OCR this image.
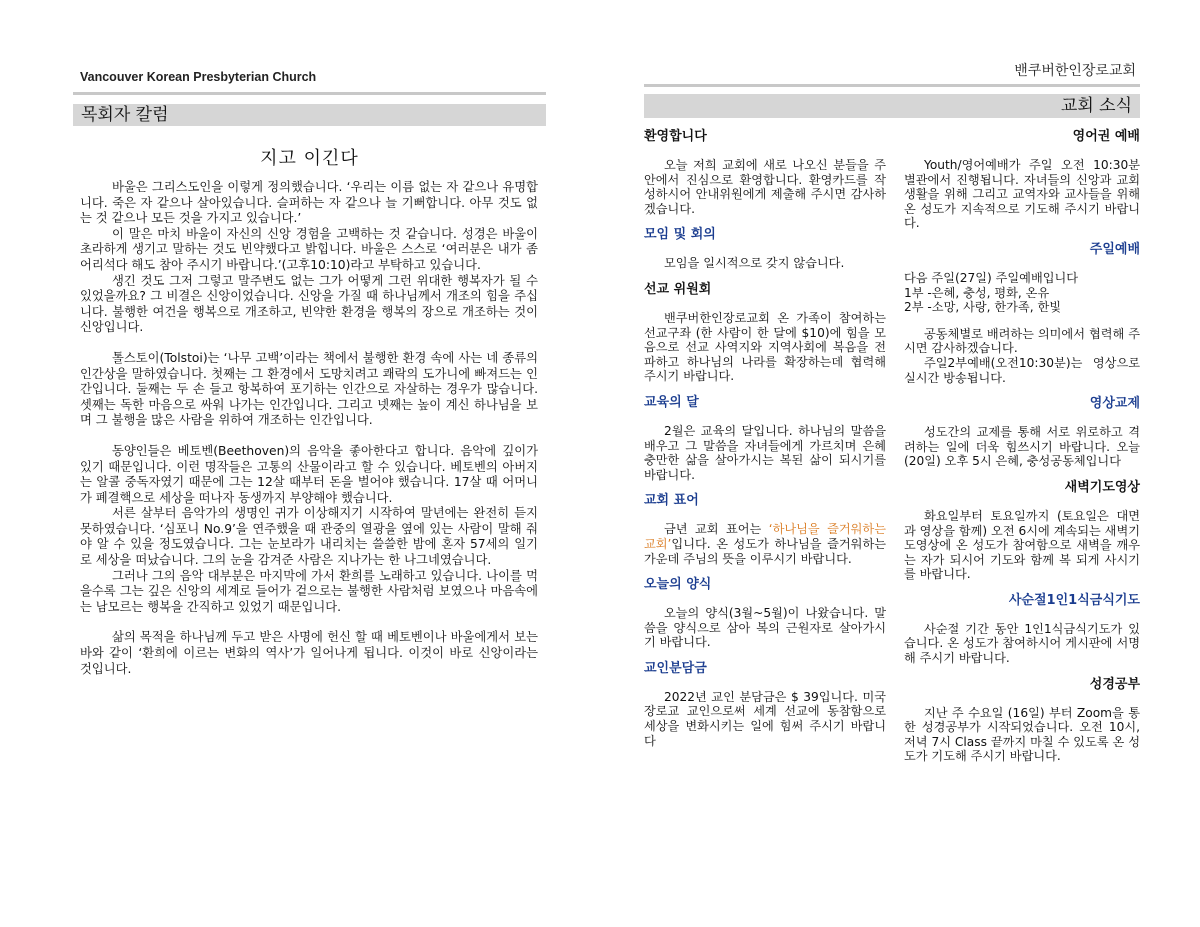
Vancouver Korean Presbyterian Church
목회자 칼럼
지고 이긴다

바울은 그리스도인을 이렇게 정의했습니다. ‘우리는 이름 없는 자 같으나 유명합니다. 죽은 자 같으나 살아있습니다. 슬퍼하는 자 같으나 늘 기뻐합니다. 아무 것도 없는 것 같으나 모든 것을 가지고 있습니다.’

이 말은 마치 바울이 자신의 신앙 경험을 고백하는 것 같습니다. 성경은 바울이 초라하게 생기고 말하는 것도 빈약했다고 밝힙니다. 바울은 스스로 ‘여러분은 내가 좀 어리석다 해도 참아 주시기 바랍니다.’(고후10:10)라고 부탁하고 있습니다.

생긴 것도 그저 그렇고 말주변도 없는 그가 어떻게 그런 위대한 행복자가 될 수 있었을까요? 그 비결은 신앙이었습니다. 신앙을 가질 때 하나님께서 개조의 힘을 주십니다. 불행한 여건을 행복으로 개조하고, 빈약한 환경을 행복의 장으로 개조하는 것이 신앙입니다.

톨스토이(Tolstoi)는 ‘나무 고백’이라는 책에서 불행한 환경 속에 사는 네 종류의 인간상을 말하였습니다. 첫째는 그 환경에서 도망치려고 쾌락의 도가니에 빠져드는 인간입니다. 둘째는 두 손 들고 항복하여 포기하는 인간으로 자살하는 경우가 많습니다. 셋째는 독한 마음으로 싸워 나가는 인간입니다. 그리고 넷째는 높이 계신 하나님을 보며 그 불행을 많은 사람을 위하여 개조하는 인간입니다.

동양인들은 베토벤(Beethoven)의 음악을 좋아한다고 합니다. 음악에 깊이가 있기 때문입니다. 이런 명작들은 고통의 산물이라고 할 수 있습니다. 베토벤의 아버지는 알콜 중독자였기 때문에 그는 12살 때부터 돈을 벌어야 했습니다. 17살 때 어머니가 폐결핵으로 세상을 떠나자 동생까지 부양해야 했습니다.

서른 살부터 음악가의 생명인 귀가 이상해지기 시작하여 말년에는 완전히 듣지 못하였습니다. ‘심포니 No.9’을 연주했을 때 관중의 열광을 옆에 있는 사람이 말해 줘야 알 수 있을 정도였습니다. 그는 눈보라가 내리치는 쓸쓸한 밤에 혼자 57세의 일기로 세상을 떠났습니다. 그의 눈을 감겨준 사람은 지나가는 한 나그네였습니다.

그러나 그의 음악 대부분은 마지막에 가서 환희를 노래하고 있습니다. 나이를 먹을수록 그는 깊은 신앙의 세계로 들어가 겉으로는 불행한 사람처럼 보였으나 마음속에는 남모르는 행복을 간직하고 있었기 때문입니다.

삶의 목적을 하나님께 두고 받은 사명에 헌신 할 때 베토벤이나 바울에게서 보는 바와 같이 ‘환희에 이르는 변화의 역사’가 일어나게 됩니다. 이것이 바로 신앙이라는 것입니다.

밴쿠버한인장로교회
교회 소식
환영합니다
오늘 저희 교회에 새로 나오신 분들을 주 안에서 진심으로 환영합니다. 환영카드를 작성하시어 안내위원에게 제출해 주시면 감사하겠습니다.
모임 및 회의
모임을 일시적으로 갖지 않습니다.
선교 위원회
밴쿠버한인장로교회 온 가족이 참여하는 선교구좌 (한 사람이 한 달에 $10)에 힘을 모음으로 선교 사역지와 지역사회에 복음을 전파하고 하나님의 나라를 확장하는데 협력해 주시기 바랍니다.
교육의 달
2월은 교육의 달입니다. 하나님의 말씀을 배우고 그 말씀을 자녀들에게 가르치며 은혜 충만한 삶을 살아가시는 복된 삶이 되시기를 바랍니다.
교회 표어
금년 교회 표어는 ‘하나님을 즐거워하는 교회’입니다. 온 성도가 하나님을 즐거워하는 가운데 주님의 뜻을 이루시기 바랍니다.
오늘의 양식
오늘의 양식(3월~5월)이 나왔습니다. 말씀을 양식으로 삼아 복의 근원자로 살아가시기 바랍니다.
교인분담금
2022년 교인 분담금은 $ 39입니다. 미국장로교 교인으로써 세계 선교에 동참함으로 세상을 변화시키는 일에 힘써 주시기 바랍니다
영어권 예배
Youth/영어예배가 주일 오전 10:30분 별관에서 진행됩니다. 자녀들의 신앙과 교회생활을 위해 그리고 교역자와 교사들을 위해 온 성도가 지속적으로 기도해 주시기 바랍니다.
주일예배
다음 주일(27일) 주일예배입니다
1부 -은혜, 충성, 평화, 온유
2부 -소망, 사랑, 한가족, 한빛
공동체별로 배려하는 의미에서 협력해 주시면 감사하겠습니다.
주일2부예배(오전10:30분)는 영상으로 실시간 방송됩니다.
영상교제
성도간의 교제를 통해 서로 위로하고 격려하는 일에 더욱 힘쓰시기 바랍니다. 오늘(20일) 오후 5시 은혜, 충성공동체입니다
새벽기도영상
화요일부터 토요일까지 (토요일은 대면과 영상을 함께) 오전 6시에 계속되는 새벽기도영상에 온 성도가 참여함으로 새벽을 깨우는 자가 되시어 기도와 함께 복 되게 사시기를 바랍니다.
사순절1인1식금식기도
사순절 기간 동안 1인1식금식기도가 있습니다. 온 성도가 참여하시어 게시판에 서명해 주시기 바랍니다.
성경공부
지난 주 수요일 (16일) 부터 Zoom을 통한 성경공부가 시작되었습니다. 오전 10시, 저녁 7시 Class 끝까지 마칠 수 있도록 온 성도가 기도해 주시기 바랍니다.
